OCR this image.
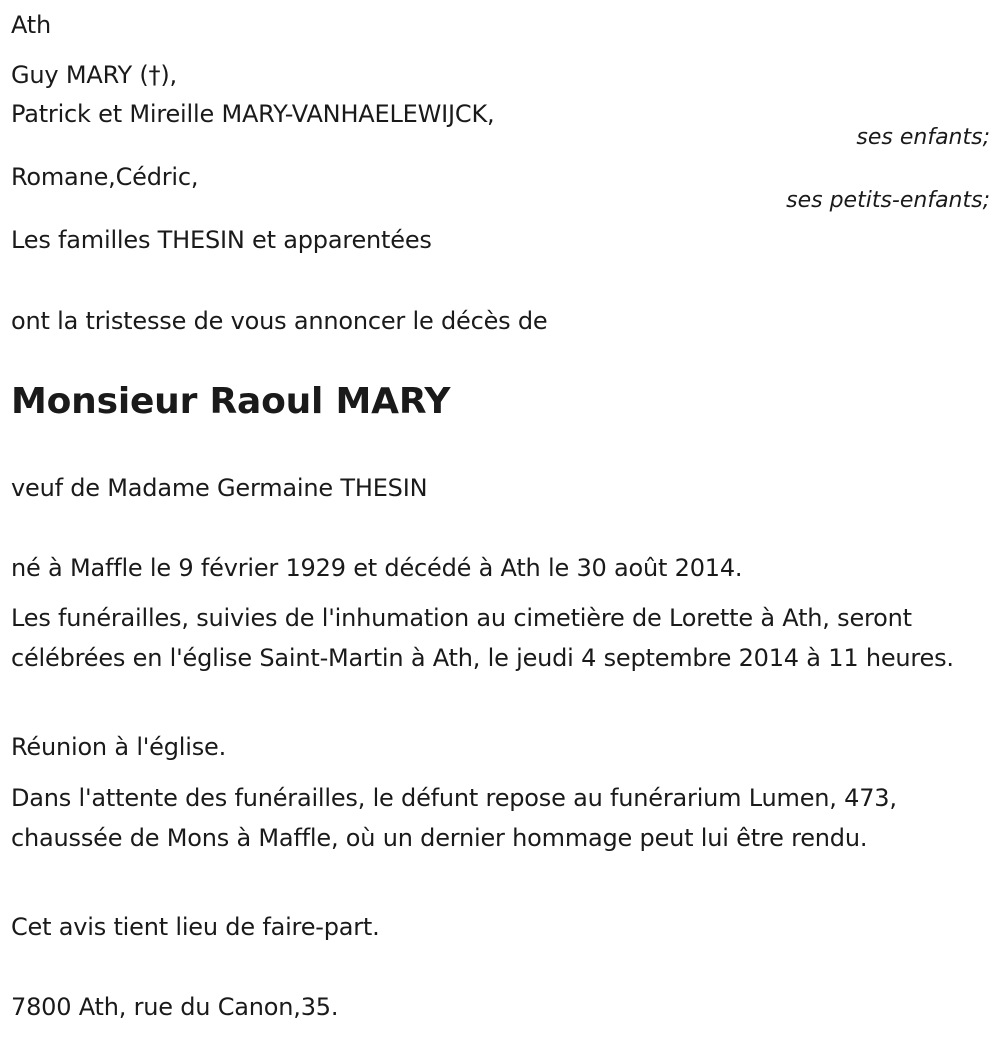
Ath
Guy MARY (†),
Patrick et Mireille MARY-VANHAELEWIJCK,
ses enfants;
Romane,Cédric,
ses petits-enfants;
Les familles THESIN et apparentées
ont la tristesse de vous annoncer le décès de
Monsieur Raoul MARY
veuf de Madame Germaine THESIN
né à Maffle le 9 février 1929 et décédé à Ath le 30 août 2014.
Les funérailles, suivies de l'inhumation au cimetière de Lorette à Ath, seront célébrées en l'église Saint-Martin à Ath, le jeudi 4 septembre 2014 à 11 heures.
Réunion à l'église.
Dans l'attente des funérailles, le défunt repose au funérarium Lumen, 473, chaussée de Mons à Maffle, où un dernier hommage peut lui être rendu.
Cet avis tient lieu de faire-part.
7800 Ath, rue du Canon,35.
